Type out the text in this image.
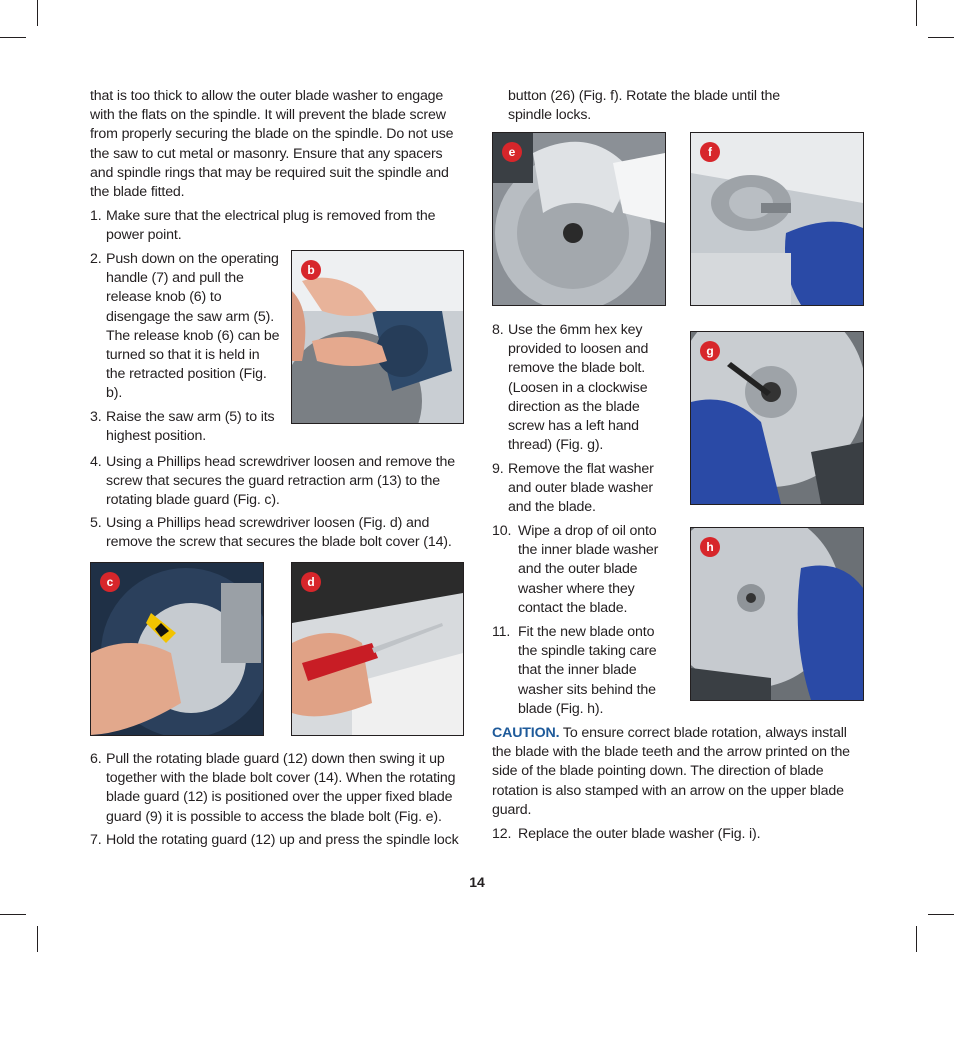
that is too thick to allow the outer blade washer to engage with the flats on the spindle. It will prevent the blade screw from properly securing the blade on the spindle. Do not use the saw to cut metal or masonry. Ensure that any spacers and spindle rings that may be required suit the spindle and the blade fitted.
1. Make sure that the electrical plug is removed from the power point.
2. Push down on the operating handle (7) and pull the release knob (6) to disengage the saw arm (5). The release knob (6) can be turned so that it is held in the retracted position (Fig. b).
3. Raise the saw arm (5) to its highest position.
4. Using a Phillips head screwdriver loosen and remove the screw that secures the guard retraction arm (13) to the rotating blade guard (Fig. c).
5. Using a Phillips head screwdriver loosen (Fig. d) and remove the screw that secures the blade bolt cover (14).
6. Pull the rotating blade guard (12) down then swing it up together with the blade bolt cover (14). When the rotating blade guard (12) is positioned over the upper fixed blade guard (9) it is possible to access the blade bolt (Fig. e).
7. Hold the rotating guard (12) up and press the spindle lock
b
c	d
button (26) (Fig. f). Rotate the blade until the spindle locks.
e	f
8. Use the 6mm hex key provided to loosen and remove the blade bolt. (Loosen in a clockwise direction as the blade screw has a left hand thread) (Fig. g).
9. Remove the flat washer and outer blade washer and the blade.
10. Wipe a drop of oil onto the inner blade washer and the outer blade washer where they contact the blade.
11. Fit the new blade onto the spindle taking care that the inner blade washer sits behind the blade (Fig. h).
g
h
CAUTION. To ensure correct blade rotation, always install the blade with the blade teeth and the arrow printed on the side of the blade pointing down. The direction of blade rotation is also stamped with an arrow on the upper blade guard.
12. Replace the outer blade washer (Fig. i).
14
